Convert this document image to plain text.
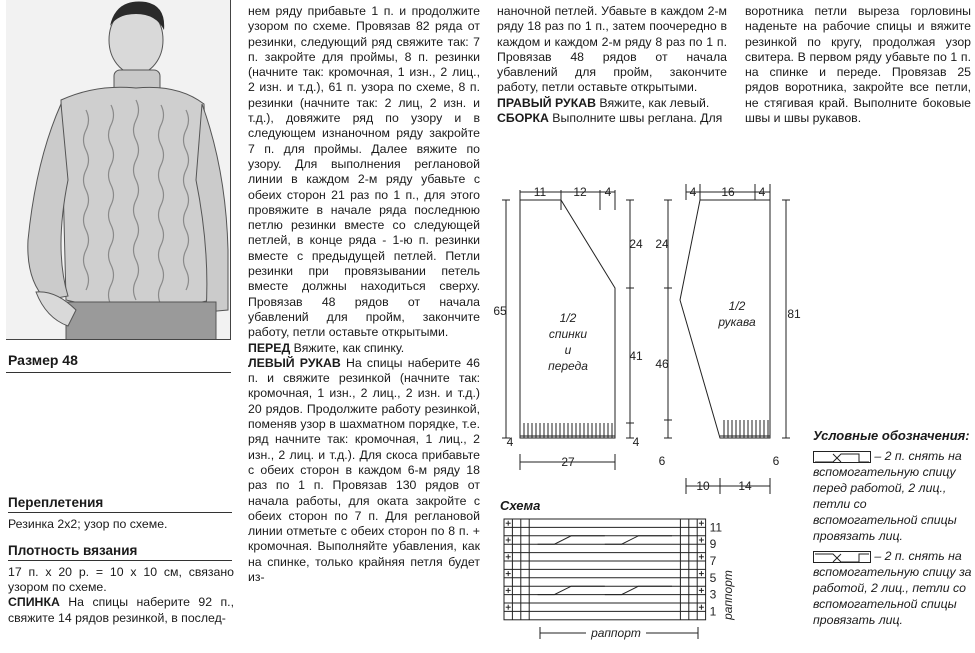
Размер 48
Переплетения

Резинка 2х2; узор по схеме.

Плотность вязания

17 п. х 20 р. = 10 х 10 см, связано узором по схеме.

СПИНКА На спицы наберите 92 п., свяжите 14 рядов резинкой, в послед-

нем ряду прибавьте 1 п. и продолжите узором по схеме. Провязав 82 ряда от резинки, следующий ряд свяжите так: 7 п. закройте для проймы, 8 п. резинки (начните так: кромочная, 1 изн., 2 лиц., 2 изн. и т.д.), 61 п. узора по схеме, 8 п. резинки (начните так: 2 лиц, 2 изн. и т.д.), довяжите ряд по узору и в следующем изнаночном ряду закройте 7 п. для проймы. Далее вяжите по узору. Для выполнения реглановой линии в каждом 2-м ряду убавьте с обеих сторон 21 раз по 1 п., для этого провяжите в начале ряда последнюю петлю резинки вместе со следующей петлей, в конце ряда - 1-ю п. резинки вместе с предыдущей петлей. Петли резинки при провязывании петель вместе должны находиться сверху. Провязав 48 рядов от начала убавлений для пройм, закончите работу, петли оставьте открытыми.

ПЕРЕД Вяжите, как спинку.

ЛЕВЫЙ РУКАВ На спицы наберите 46 п. и свяжите резинкой (начните так: кромочная, 1 изн., 2 лиц., 2 изн. и т.д.) 20 рядов. Продолжите работу резинкой, поменяв узор в шахматном порядке, т.е. ряд начните так: кромочная, 1 лиц., 2 изн., 2 лиц. и т.д.). Для скоса прибавьте с обеих сторон в каждом 6-м ряду 18 раз по 1 п. Провязав 130 рядов от начала работы, для оката закройте с обеих сторон по 7 п. Для реглановой линии отметьте с обеих сторон по 8 п. + кромочная. Выполняйте убавления, как на спинке, только крайняя петля будет из-

наночной петлей. Убавьте в каждом 2-м ряду 18 раз по 1 п., затем поочередно в каждом и каждом 2-м ряду 8 раз по 1 п. Провязав 48 рядов от начала убавлений для пройм, закончите работу, петли оставьте открытыми.

ПРАВЫЙ РУКАВ Вяжите, как левый.

СБОРКА Выполните швы реглана. Для

воротника петли выреза горловины наденьте на рабочие спицы и вяжите резинкой по кругу, продолжая узор свитера. В первом ряду убавьте по 1 п. на спинке и переде. Провязав 25 рядов воротника, закройте все петли, не стягивая край. Выполните боковые швы и швы рукавов.

1/2
спинки
и
переда
1/2
рукава
11 12 4
65
24
41
4	4
27
4 16 4
24
46
81
6	6
10 14
Схема
11
9
7
5
3
1
раппорт
раппорт
Условные обозначения:
– 2 п. снять на вспомогательную спицу перед работой, 2 лиц., петли со вспомогательной спицы провязать лиц.
– 2 п. снять на вспомогательную спицу за работой, 2 лиц., петли со вспомогательной спицы провязать лиц.
